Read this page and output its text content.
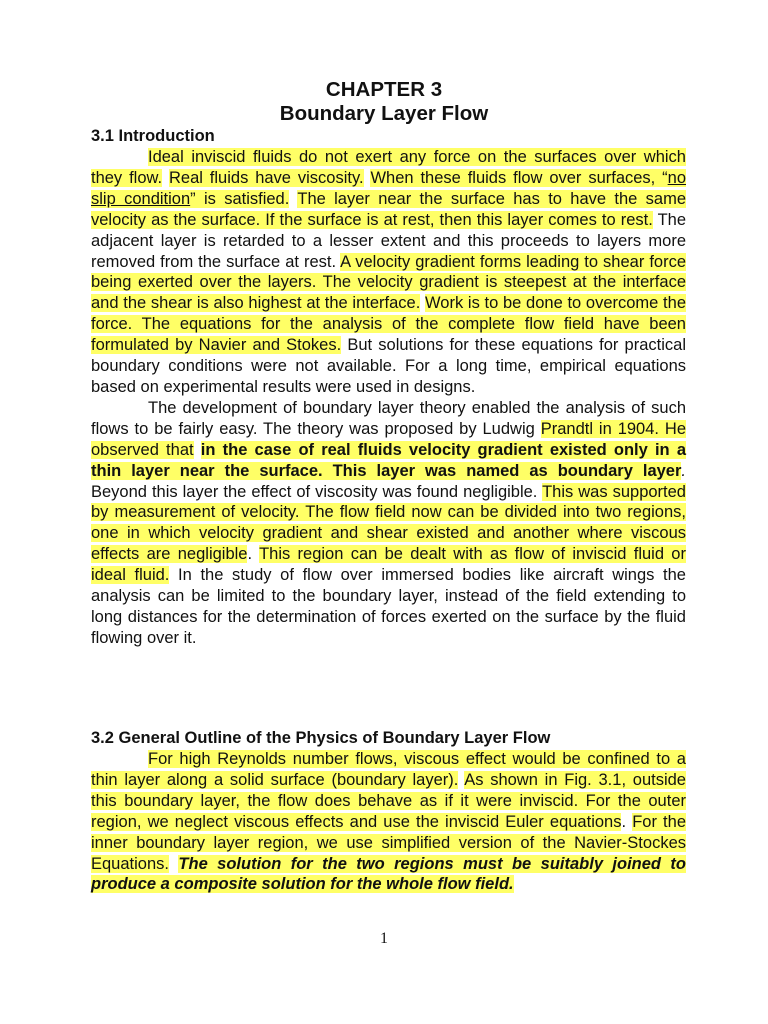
CHAPTER 3
Boundary Layer Flow
3.1 Introduction

Ideal inviscid fluids do not exert any force on the surfaces over which they flow. Real fluids have viscosity. When these fluids flow over surfaces, “no slip condition” is satisfied. The layer near the surface has to have the same velocity as the surface. If the surface is at rest, then this layer comes to rest. The adjacent layer is retarded to a lesser extent and this proceeds to layers more removed from the surface at rest. A velocity gradient forms leading to shear force being exerted over the layers. The velocity gradient is steepest at the interface and the shear is also highest at the interface. Work is to be done to overcome the force. The equations for the analysis of the complete flow field have been formulated by Navier and Stokes. But solutions for these equations for practical boundary conditions were not available. For a long time, empirical equations based on experimental results were used in designs.

The development of boundary layer theory enabled the analysis of such flows to be fairly easy. The theory was proposed by Ludwig Prandtl in 1904. He observed that in the case of real fluids velocity gradient existed only in a thin layer near the surface. This layer was named as boundary layer. Beyond this layer the effect of viscosity was found negligible. This was supported by measurement of velocity. The flow field now can be divided into two regions, one in which velocity gradient and shear existed and another where viscous effects are negligible. This region can be dealt with as flow of inviscid fluid or ideal fluid. In the study of flow over immersed bodies like aircraft wings the analysis can be limited to the boundary layer, instead of the field extending to long distances for the determination of forces exerted on the surface by the fluid flowing over it.

3.2 General Outline of the Physics of Boundary Layer Flow

For high Reynolds number flows, viscous effect would be confined to a thin layer along a solid surface (boundary layer). As shown in Fig. 3.1, outside this boundary layer, the flow does behave as if it were inviscid. For the outer region, we neglect viscous effects and use the inviscid Euler equations. For the inner boundary layer region, we use simplified version of the Navier-Stockes Equations. The solution for the two regions must be suitably joined to produce a composite solution for the whole flow field.

1
